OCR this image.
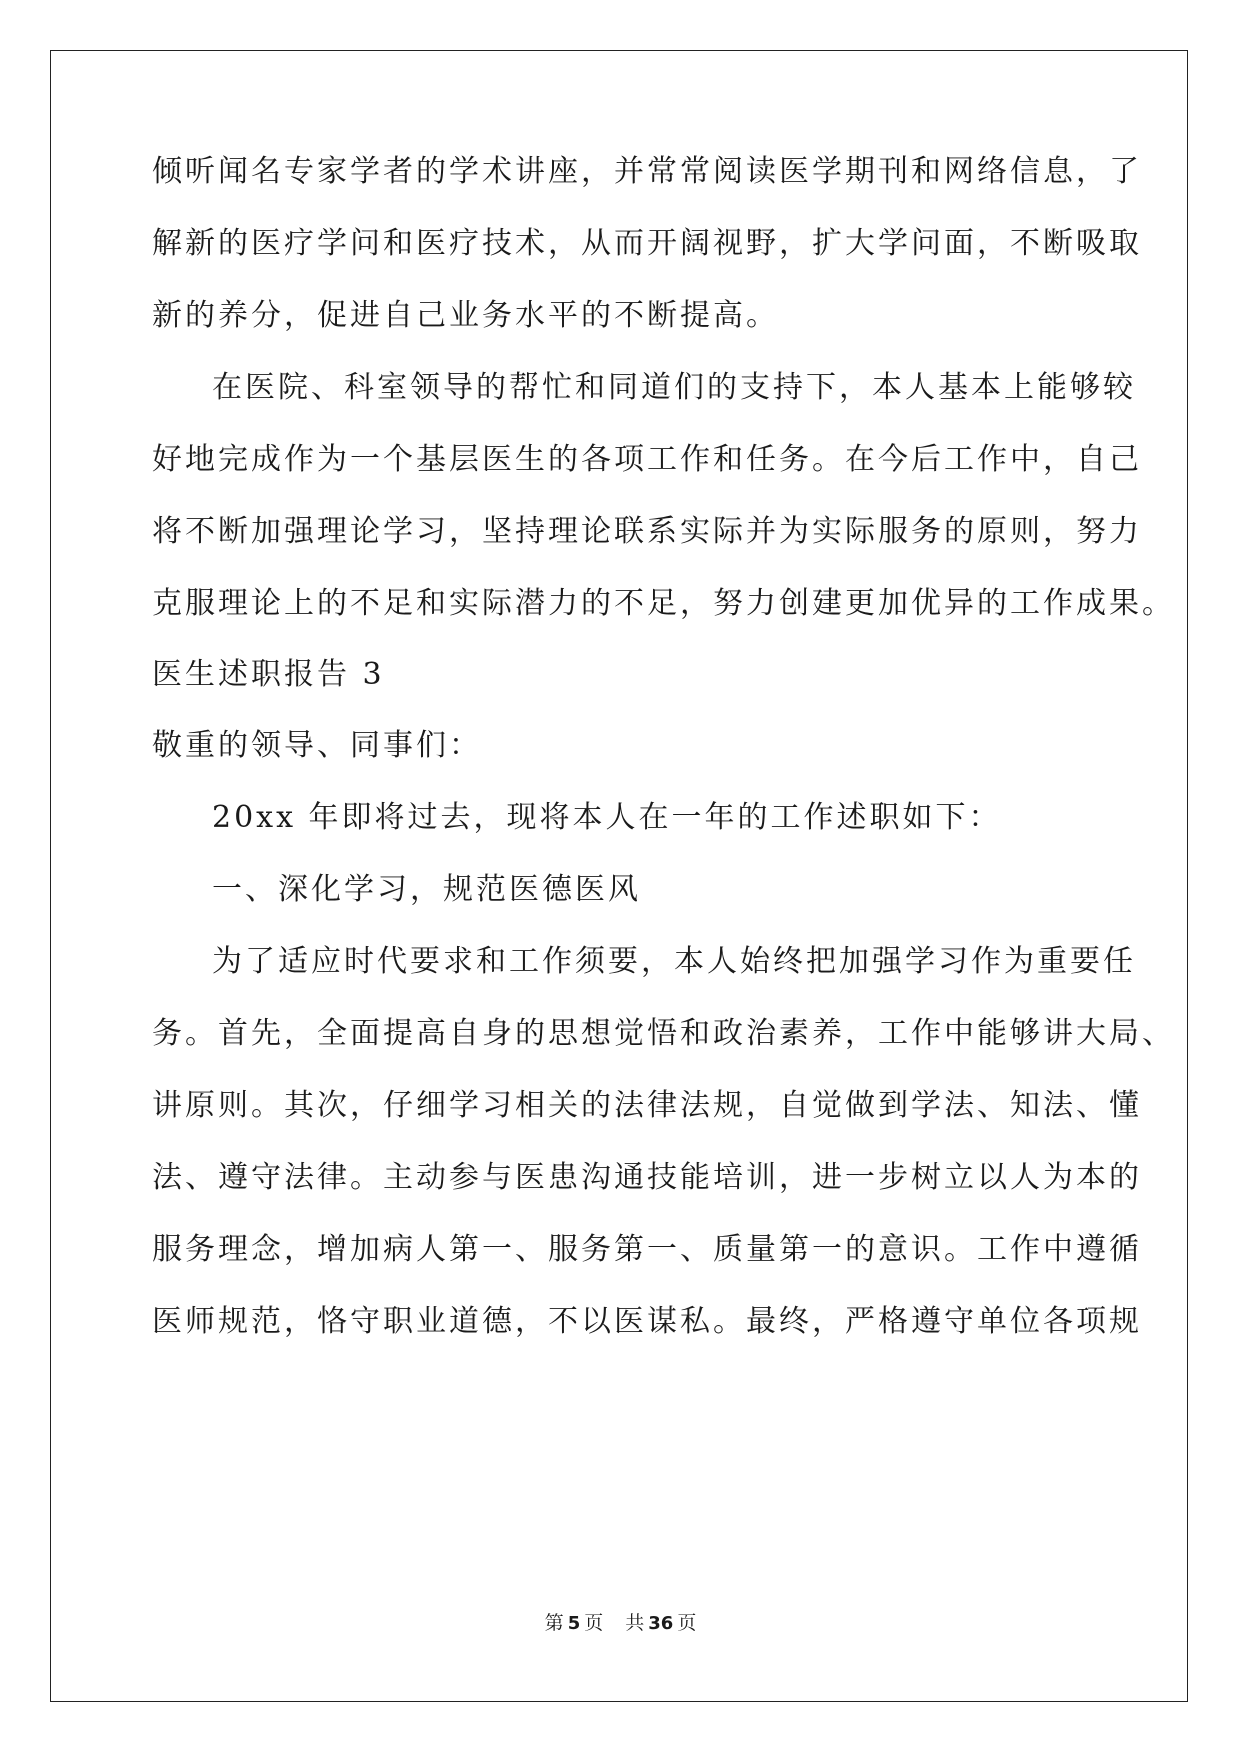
倾听闻名专家学者的学术讲座，并常常阅读医学期刊和网络信息，了
解新的医疗学问和医疗技术，从而开阔视野，扩大学问面，不断吸取
新的养分，促进自己业务水平的不断提高。
在医院、科室领导的帮忙和同道们的支持下，本人基本上能够较
好地完成作为一个基层医生的各项工作和任务。在今后工作中，自己
将不断加强理论学习，坚持理论联系实际并为实际服务的原则，努力
克服理论上的不足和实际潜力的不足，努力创建更加优异的工作成果。
医生述职报告 3
敬重的领导、同事们：
20xx 年即将过去，现将本人在一年的工作述职如下：
一、深化学习，规范医德医风
为了适应时代要求和工作须要，本人始终把加强学习作为重要任
务。首先，全面提高自身的思想觉悟和政治素养，工作中能够讲大局、
讲原则。其次，仔细学习相关的法律法规，自觉做到学法、知法、懂
法、遵守法律。主动参与医患沟通技能培训，进一步树立以人为本的
服务理念，增加病人第一、服务第一、质量第一的意识。工作中遵循
医师规范，恪守职业道德，不以医谋私。最终，严格遵守单位各项规
第 5 页 共 36 页
